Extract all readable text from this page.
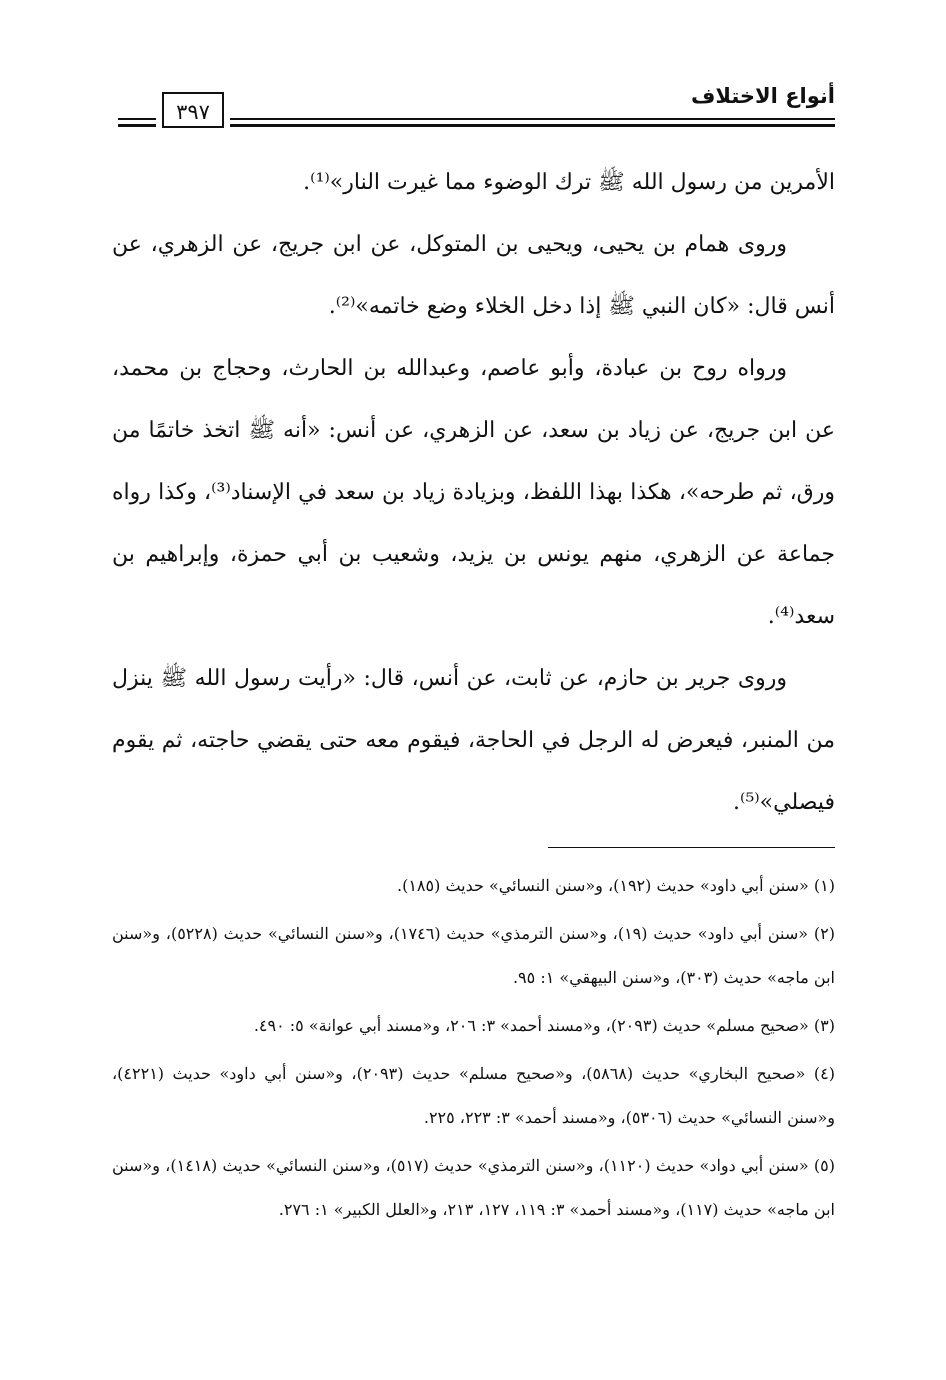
أنواع الاختلاف
٣٩٧

الأمرين من رسول الله ﷺ ترك الوضوء مما غيرت النار»⁽¹⁾.

وروى همام بن يحيى، ويحيى بن المتوكل، عن ابن جريج، عن الزهري، عن أنس قال: «كان النبي ﷺ إذا دخل الخلاء وضع خاتمه»⁽²⁾.

ورواه روح بن عبادة، وأبو عاصم، وعبدالله بن الحارث، وحجاج بن محمد، عن ابن جريج، عن زياد بن سعد، عن الزهري، عن أنس: «أنه ﷺ اتخذ خاتمًا من ورق، ثم طرحه»، هكذا بهذا اللفظ، وبزيادة زياد بن سعد في الإسناد⁽³⁾، وكذا رواه جماعة عن الزهري، منهم يونس بن يزيد، وشعيب بن أبي حمزة، وإبراهيم بن سعد⁽⁴⁾.

وروى جرير بن حازم، عن ثابت، عن أنس، قال: «رأيت رسول الله ﷺ ينزل من المنبر، فيعرض له الرجل في الحاجة، فيقوم معه حتى يقضي حاجته، ثم يقوم فيصلي»⁽⁵⁾.

(١) «سنن أبي داود» حديث (١٩٢)، و«سنن النسائي» حديث (١٨٥).

(٢) «سنن أبي داود» حديث (١٩)، و«سنن الترمذي» حديث (١٧٤٦)، و«سنن النسائي» حديث (٥٢٢٨)، و«سنن ابن ماجه» حديث (٣٠٣)، و«سنن البيهقي» ١: ٩٥.

(٣) «صحيح مسلم» حديث (٢٠٩٣)، و«مسند أحمد» ٣: ٢٠٦، و«مسند أبي عوانة» ٥: ٤٩٠.

(٤) «صحيح البخاري» حديث (٥٨٦٨)، و«صحيح مسلم» حديث (٢٠٩٣)، و«سنن أبي داود» حديث (٤٢٢١)، و«سنن النسائي» حديث (٥٣٠٦)، و«مسند أحمد» ٣: ٢٢٣، ٢٢٥.

(٥) «سنن أبي دواد» حديث (١١٢٠)، و«سنن الترمذي» حديث (٥١٧)، و«سنن النسائي» حديث (١٤١٨)، و«سنن ابن ماجه» حديث (١١٧)، و«مسند أحمد» ٣: ١١٩، ١٢٧، ٢١٣، و«العلل الكبير» ١: ٢٧٦.
